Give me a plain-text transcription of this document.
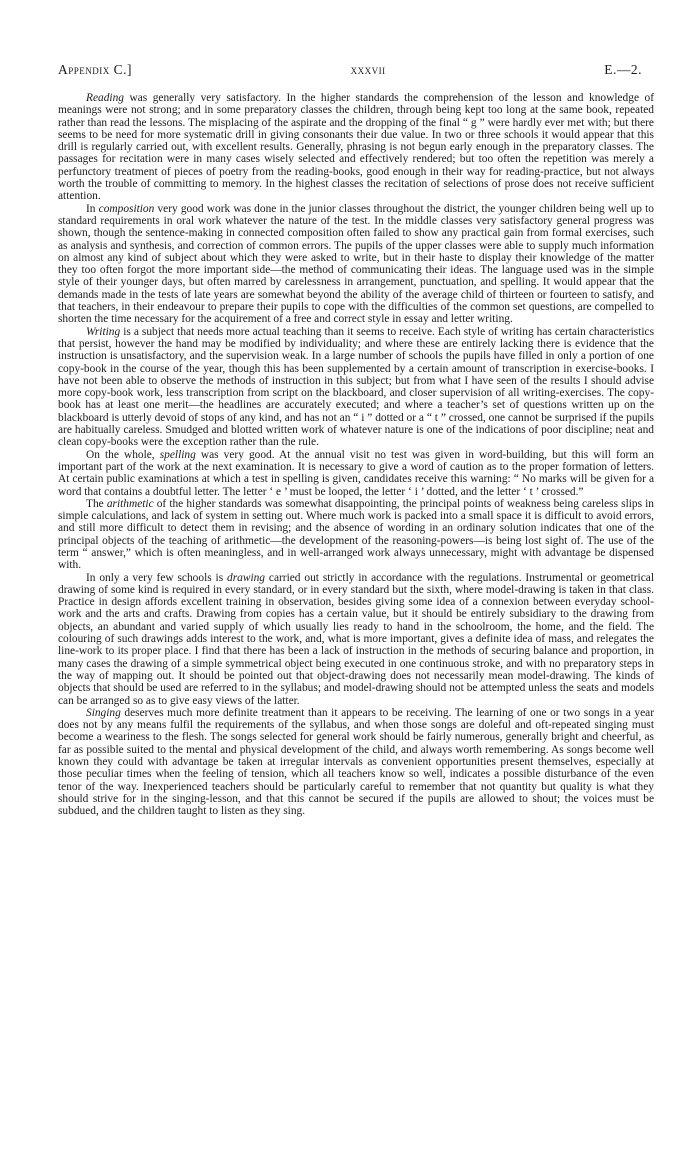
Appendix C.]	xxxvii	E.—2.

Reading was generally very satisfactory. In the higher standards the comprehension of the lesson and knowledge of meanings were not strong; and in some preparatory classes the children, through being kept too long at the same book, repeated rather than read the lessons. The misplacing of the aspirate and the dropping of the final “ g ” were hardly ever met with; but there seems to be need for more systematic drill in giving consonants their due value. In two or three schools it would appear that this drill is regularly carried out, with excellent results. Generally, phrasing is not begun early enough in the preparatory classes. The passages for recitation were in many cases wisely selected and effectively rendered; but too often the repetition was merely a perfunctory treatment of pieces of poetry from the reading-books, good enough in their way for reading-practice, but not always worth the trouble of committing to memory. In the highest classes the recitation of selections of prose does not receive sufficient attention.

In composition very good work was done in the junior classes throughout the district, the younger children being well up to standard requirements in oral work whatever the nature of the test. In the middle classes very satisfactory general progress was shown, though the sentence-making in connected composition often failed to show any practical gain from formal exercises, such as analysis and synthesis, and correction of common errors. The pupils of the upper classes were able to supply much information on almost any kind of subject about which they were asked to write, but in their haste to display their knowledge of the matter they too often forgot the more important side—the method of communicating their ideas. The language used was in the simple style of their younger days, but often marred by carelessness in arrangement, punctuation, and spelling. It would appear that the demands made in the tests of late years are somewhat beyond the ability of the average child of thirteen or fourteen to satisfy, and that teachers, in their endeavour to prepare their pupils to cope with the difficulties of the common set questions, are compelled to shorten the time necessary for the acquirement of a free and correct style in essay and letter writing.

Writing is a subject that needs more actual teaching than it seems to receive. Each style of writing has certain characteristics that persist, however the hand may be modified by individuality; and where these are entirely lacking there is evidence that the instruction is unsatisfactory, and the supervision weak. In a large number of schools the pupils have filled in only a portion of one copy-book in the course of the year, though this has been supplemented by a certain amount of transcription in exercise-books. I have not been able to observe the methods of instruction in this subject; but from what I have seen of the results I should advise more copy-book work, less transcription from script on the blackboard, and closer supervision of all writing-exercises. The copy-book has at least one merit—the headlines are accurately executed; and where a teacher’s set of questions written up on the blackboard is utterly devoid of stops of any kind, and has not an “ i ” dotted or a “ t ” crossed, one cannot be surprised if the pupils are habitually careless. Smudged and blotted written work of whatever nature is one of the indications of poor discipline; neat and clean copy-books were the exception rather than the rule.

On the whole, spelling was very good. At the annual visit no test was given in word-building, but this will form an important part of the work at the next examination. It is necessary to give a word of caution as to the proper formation of letters. At certain public examinations at which a test in spelling is given, candidates receive this warning: “ No marks will be given for a word that contains a doubtful letter. The letter ‘ e ’ must be looped, the letter ‘ i ’ dotted, and the letter ‘ t ’ crossed.”

The arithmetic of the higher standards was somewhat disappointing, the principal points of weakness being careless slips in simple calculations, and lack of system in setting out. Where much work is packed into a small space it is difficult to avoid errors, and still more difficult to detect them in revising; and the absence of wording in an ordinary solution indicates that one of the principal objects of the teaching of arithmetic—the development of the reasoning-powers—is being lost sight of. The use of the term “ answer,” which is often meaningless, and in well-arranged work always unnecessary, might with advantage be dispensed with.

In only a very few schools is drawing carried out strictly in accordance with the regulations. Instrumental or geometrical drawing of some kind is required in every standard, or in every standard but the sixth, where model-drawing is taken in that class. Practice in design affords excellent training in observation, besides giving some idea of a connexion between everyday school-work and the arts and crafts. Drawing from copies has a certain value, but it should be entirely subsidiary to the drawing from objects, an abundant and varied supply of which usually lies ready to hand in the schoolroom, the home, and the field. The colouring of such drawings adds interest to the work, and, what is more important, gives a definite idea of mass, and relegates the line-work to its proper place. I find that there has been a lack of instruction in the methods of securing balance and proportion, in many cases the drawing of a simple symmetrical object being executed in one continuous stroke, and with no preparatory steps in the way of mapping out. It should be pointed out that object-drawing does not necessarily mean model-drawing. The kinds of objects that should be used are referred to in the syllabus; and model-drawing should not be attempted unless the seats and models can be arranged so as to give easy views of the latter.

Singing deserves much more definite treatment than it appears to be receiving. The learning of one or two songs in a year does not by any means fulfil the requirements of the syllabus, and when those songs are doleful and oft-repeated singing must become a weariness to the flesh. The songs selected for general work should be fairly numerous, generally bright and cheerful, as far as possible suited to the mental and physical development of the child, and always worth remembering. As songs become well known they could with advantage be taken at irregular intervals as convenient opportunities present themselves, especially at those peculiar times when the feeling of tension, which all teachers know so well, indicates a possible disturbance of the even tenor of the way. Inexperienced teachers should be particularly careful to remember that not quantity but quality is what they should strive for in the singing-lesson, and that this cannot be secured if the pupils are allowed to shout; the voices must be subdued, and the children taught to listen as they sing.
